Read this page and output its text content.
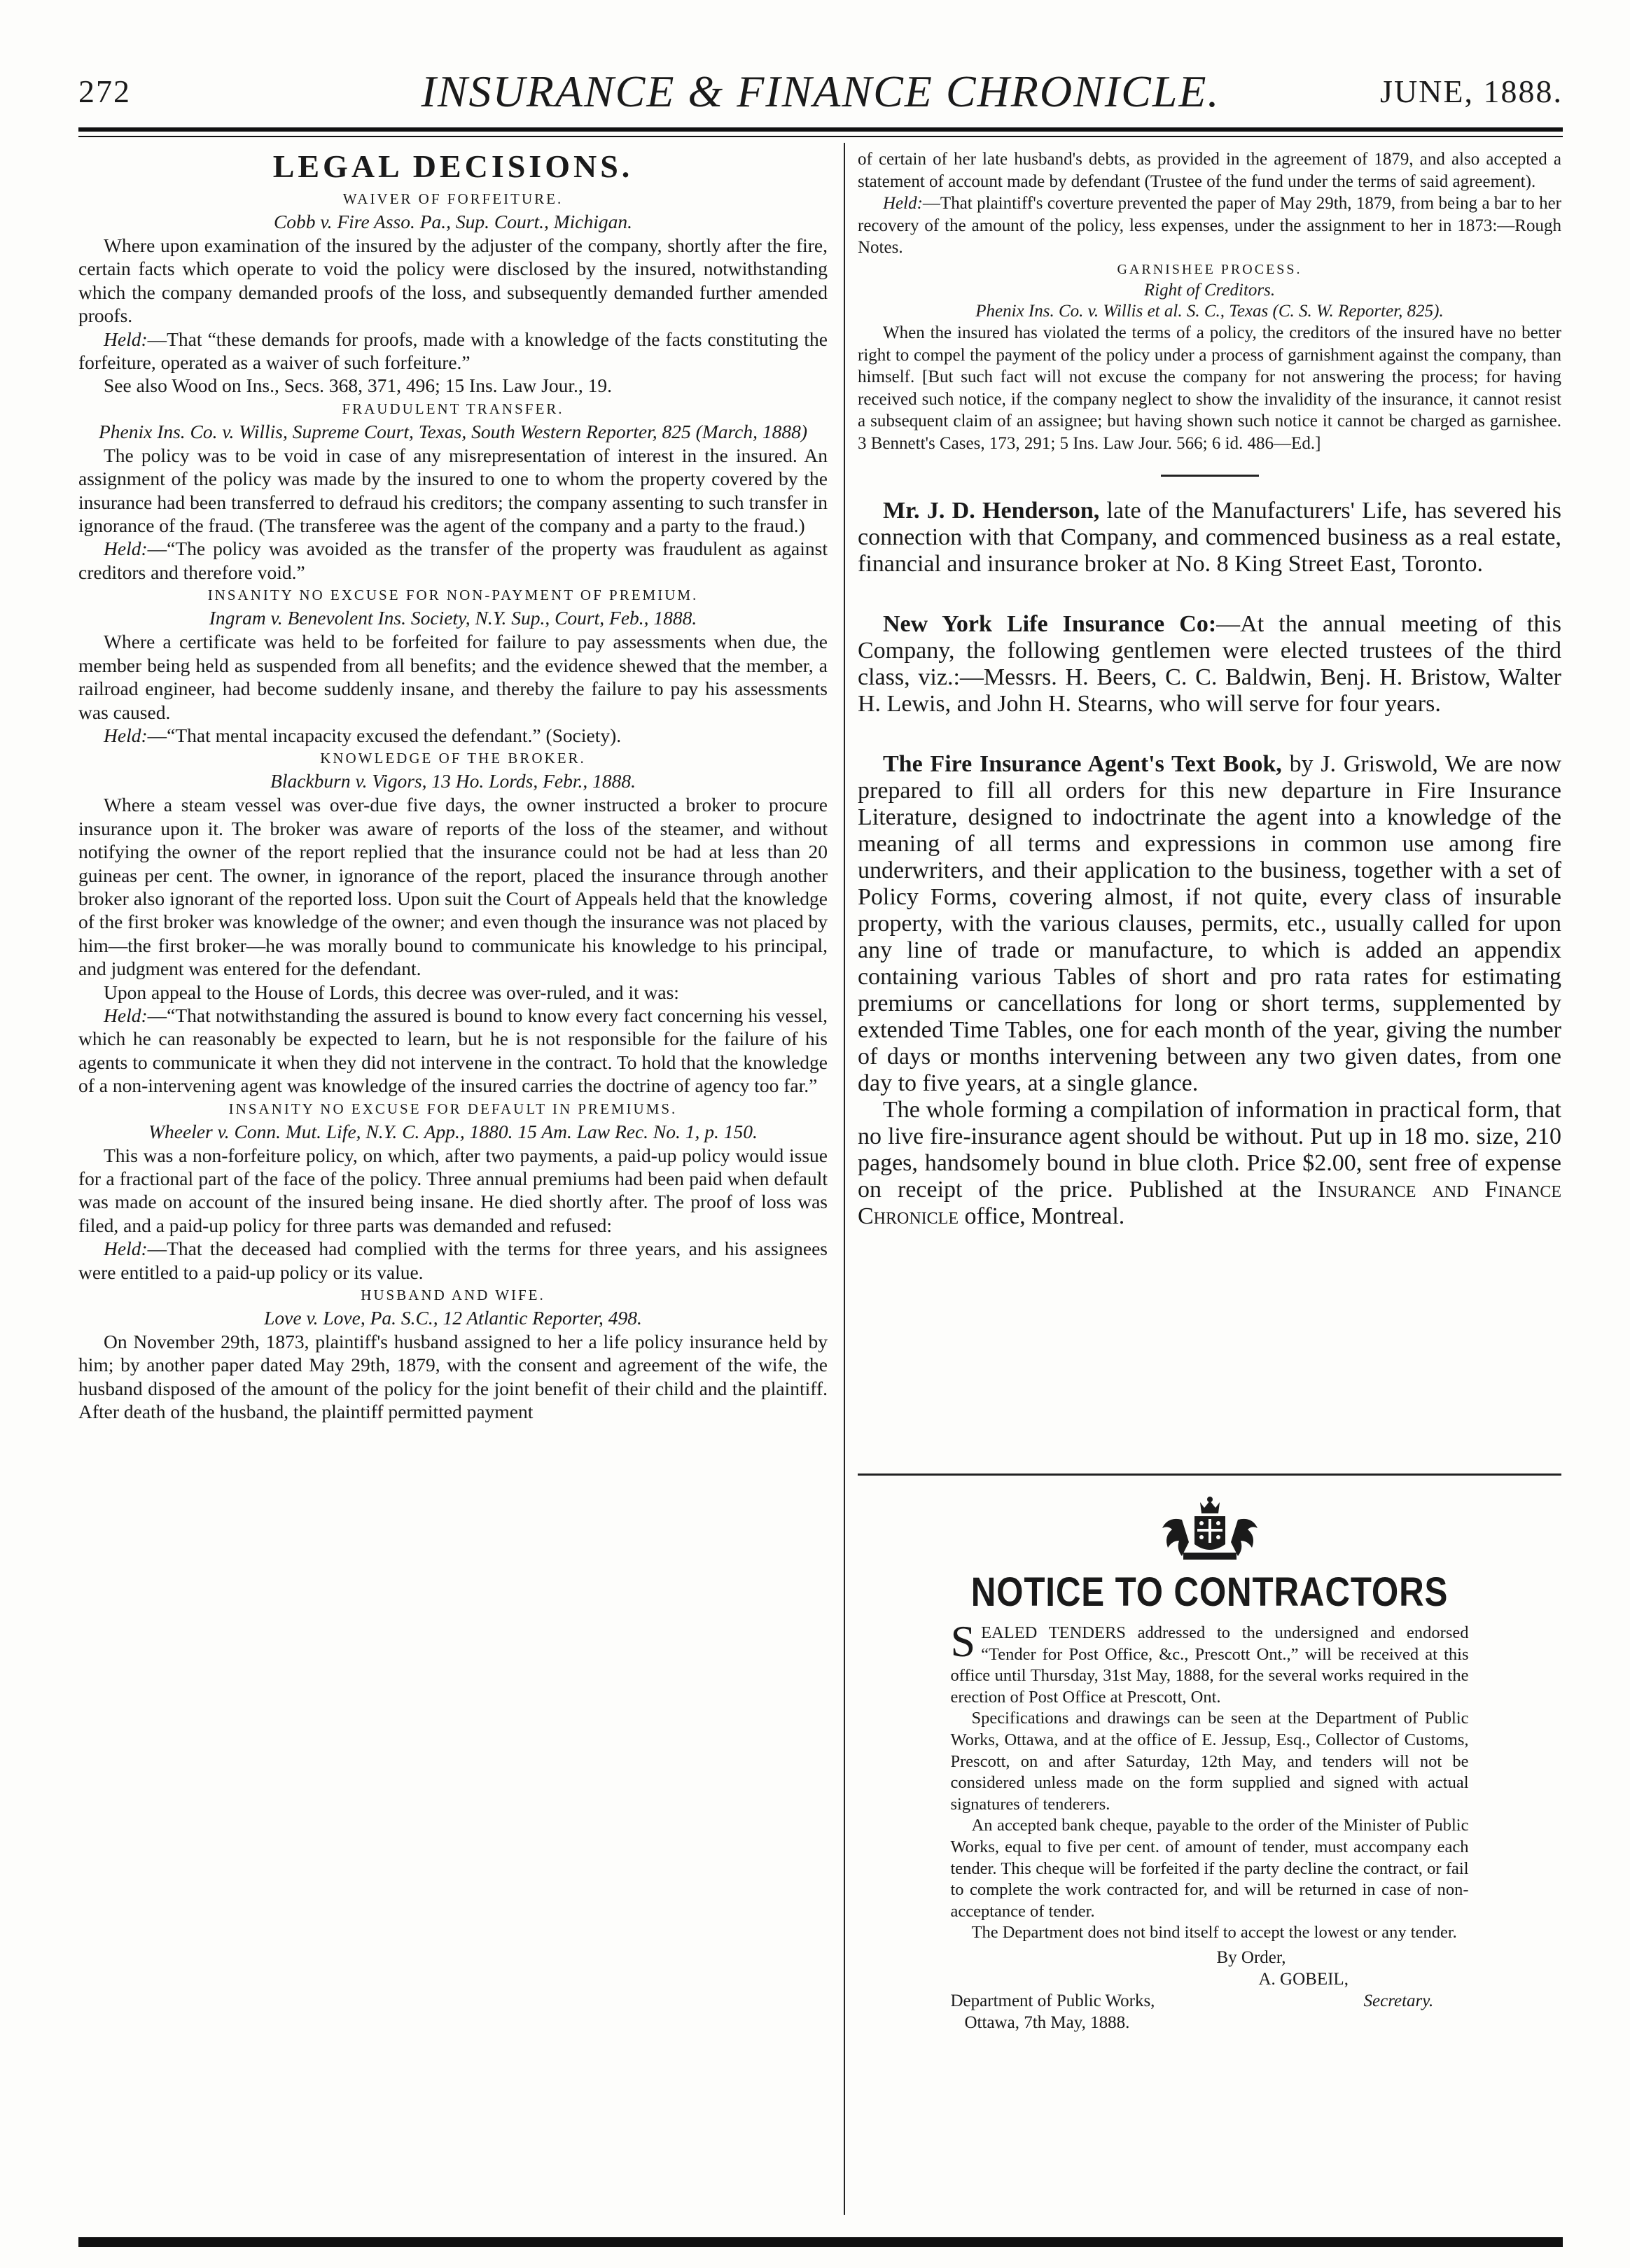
272	INSURANCE & FINANCE CHRONICLE.	JUNE, 1888.

LEGAL DECISIONS.

WAIVER OF FORFEITURE.

Cobb v. Fire Asso. Pa., Sup. Court., Michigan.

Where upon examination of the insured by the adjuster of the company, shortly after the fire, certain facts which operate to void the policy were disclosed by the insured, notwithstanding which the company demanded proofs of the loss, and subsequently demanded further amended proofs.

Held:—That “these demands for proofs, made with a knowledge of the facts constituting the forfeiture, operated as a waiver of such forfeiture.”

See also Wood on Ins., Secs. 368, 371, 496; 15 Ins. Law Jour., 19.

FRAUDULENT TRANSFER.

Phenix Ins. Co. v. Willis, Supreme Court, Texas, South Western Reporter, 825 (March, 1888)

The policy was to be void in case of any misrepresentation of interest in the insured. An assignment of the policy was made by the insured to one to whom the property covered by the insurance had been transferred to defraud his creditors; the company assenting to such transfer in ignorance of the fraud. (The transferee was the agent of the company and a party to the fraud.)

Held:—“The policy was avoided as the transfer of the property was fraudulent as against creditors and therefore void.”

INSANITY NO EXCUSE FOR NON-PAYMENT OF PREMIUM.

Ingram v. Benevolent Ins. Society, N.Y. Sup., Court, Feb., 1888.

Where a certificate was held to be forfeited for failure to pay assessments when due, the member being held as suspended from all benefits; and the evidence shewed that the member, a railroad engineer, had become suddenly insane, and thereby the failure to pay his assessments was caused.

Held:—“That mental incapacity excused the defendant.” (Society).

KNOWLEDGE OF THE BROKER.

Blackburn v. Vigors, 13 Ho. Lords, Febr., 1888.

Where a steam vessel was over-due five days, the owner instructed a broker to procure insurance upon it. The broker was aware of reports of the loss of the steamer, and without notifying the owner of the report replied that the insurance could not be had at less than 20 guineas per cent. The owner, in ignorance of the report, placed the insurance through another broker also ignorant of the reported loss. Upon suit the Court of Appeals held that the knowledge of the first broker was knowledge of the owner; and even though the insurance was not placed by him—the first broker—he was morally bound to communicate his knowledge to his principal, and judgment was entered for the defendant.

Upon appeal to the House of Lords, this decree was over-ruled, and it was:

Held:—“That notwithstanding the assured is bound to know every fact concerning his vessel, which he can reasonably be expected to learn, but he is not responsible for the failure of his agents to communicate it when they did not intervene in the contract. To hold that the knowledge of a non-intervening agent was knowledge of the insured carries the doctrine of agency too far.”

INSANITY NO EXCUSE FOR DEFAULT IN PREMIUMS.

Wheeler v. Conn. Mut. Life, N.Y. C. App., 1880. 15 Am. Law Rec. No. 1, p. 150.

This was a non-forfeiture policy, on which, after two payments, a paid-up policy would issue for a fractional part of the face of the policy. Three annual premiums had been paid when default was made on account of the insured being insane. He died shortly after. The proof of loss was filed, and a paid-up policy for three parts was demanded and refused:

Held:—That the deceased had complied with the terms for three years, and his assignees were entitled to a paid-up policy or its value.

HUSBAND AND WIFE.

Love v. Love, Pa. S.C., 12 Atlantic Reporter, 498.

On November 29th, 1873, plaintiff's husband assigned to her a life policy insurance held by him; by another paper dated May 29th, 1879, with the consent and agreement of the wife, the husband disposed of the amount of the policy for the joint benefit of their child and the plaintiff. After death of the husband, the plaintiff permitted payment

of certain of her late husband's debts, as provided in the agreement of 1879, and also accepted a statement of account made by defendant (Trustee of the fund under the terms of said agreement).

Held:—That plaintiff's coverture prevented the paper of May 29th, 1879, from being a bar to her recovery of the amount of the policy, less expenses, under the assignment to her in 1873:—Rough Notes.

GARNISHEE PROCESS.

Right of Creditors.

Phenix Ins. Co. v. Willis et al. S. C., Texas (C. S. W. Reporter, 825).

When the insured has violated the terms of a policy, the creditors of the insured have no better right to compel the payment of the policy under a process of garnishment against the company, than himself. [But such fact will not excuse the company for not answering the process; for having received such notice, if the company neglect to show the invalidity of the insurance, it cannot resist a subsequent claim of an assignee; but having shown such notice it cannot be charged as garnishee. 3 Bennett's Cases, 173, 291; 5 Ins. Law Jour. 566; 6 id. 486—Ed.]

Mr. J. D. Henderson, late of the Manufacturers' Life, has severed his connection with that Company, and commenced business as a real estate, financial and insurance broker at No. 8 King Street East, Toronto.

New York Life Insurance Co:—At the annual meeting of this Company, the following gentlemen were elected trustees of the third class, viz.:—Messrs. H. Beers, C. C. Baldwin, Benj. H. Bristow, Walter H. Lewis, and John H. Stearns, who will serve for four years.

The Fire Insurance Agent's Text Book, by J. Griswold, We are now prepared to fill all orders for this new departure in Fire Insurance Literature, designed to indoctrinate the agent into a knowledge of the meaning of all terms and expressions in common use among fire underwriters, and their application to the business, together with a set of Policy Forms, covering almost, if not quite, every class of insurable property, with the various clauses, permits, etc., usually called for upon any line of trade or manufacture, to which is added an appendix containing various Tables of short and pro rata rates for estimating premiums or cancellations for long or short terms, supplemented by extended Time Tables, one for each month of the year, giving the number of days or months intervening between any two given dates, from one day to five years, at a single glance.

The whole forming a compilation of information in practical form, that no live fire-insurance agent should be without. Put up in 18 mo. size, 210 pages, handsomely bound in blue cloth. Price $2.00, sent free of expense on receipt of the price. Published at the Insurance and Finance Chronicle office, Montreal.

NOTICE TO CONTRACTORS

SEALED TENDERS addressed to the undersigned and endorsed “Tender for Post Office, &c., Prescott Ont.,” will be received at this office until Thursday, 31st May, 1888, for the several works required in the erection of Post Office at Prescott, Ont.

Specifications and drawings can be seen at the Department of Public Works, Ottawa, and at the office of E. Jessup, Esq., Collector of Customs, Prescott, on and after Saturday, 12th May, and tenders will not be considered unless made on the form supplied and signed with actual signatures of tenderers.

An accepted bank cheque, payable to the order of the Minister of Public Works, equal to five per cent. of amount of tender, must accompany each tender. This cheque will be forfeited if the party decline the contract, or fail to complete the work contracted for, and will be returned in case of non-acceptance of tender.

The Department does not bind itself to accept the lowest or any tender.

By Order,
A. GOBEIL,
Department of Public Works,	Secretary.
Ottawa, 7th May, 1888.
